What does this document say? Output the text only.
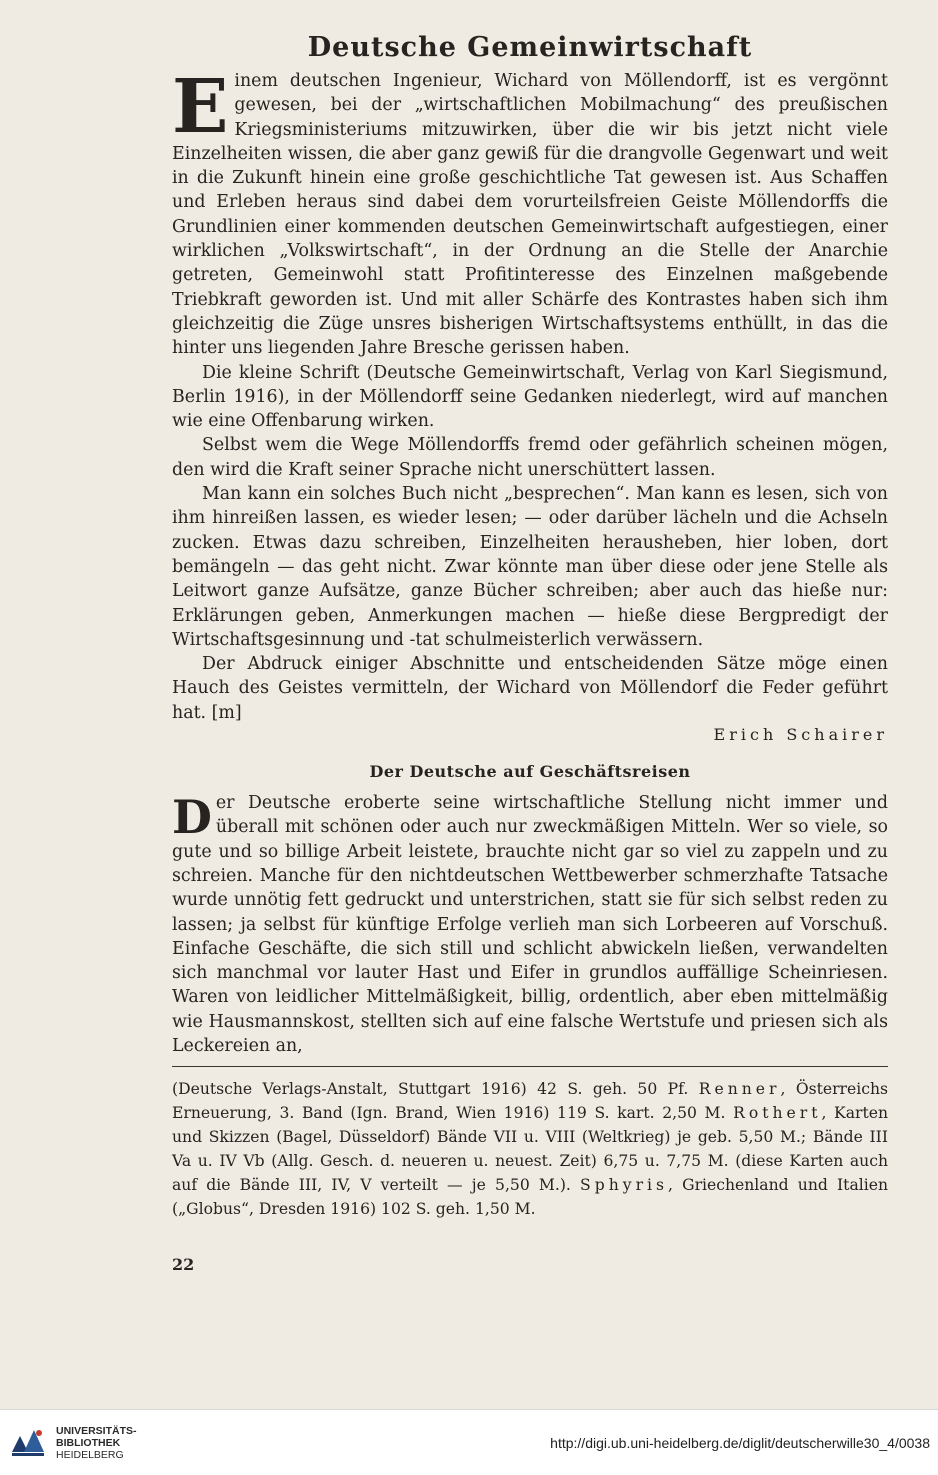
Deutsche Gemeinwirtschaft

Einem deutschen Ingenieur, Wichard von Möllendorff, ist es vergönnt gewesen, bei der „wirtschaftlichen Mobilmachung“ des preußischen Kriegsministeriums mitzuwirken, über die wir bis jetzt nicht viele Einzelheiten wissen, die aber ganz gewiß für die drangvolle Gegenwart und weit in die Zukunft hinein eine große geschichtliche Tat gewesen ist. Aus Schaffen und Erleben heraus sind dabei dem vorurteilsfreien Geiste Möllendorffs die Grundlinien einer kommenden deutschen Gemeinwirtschaft aufgestiegen, einer wirklichen „Volkswirtschaft“, in der Ordnung an die Stelle der Anarchie getreten, Gemeinwohl statt Profitinteresse des Einzelnen maßgebende Triebkraft geworden ist. Und mit aller Schärfe des Kontrastes haben sich ihm gleichzeitig die Züge unsres bisherigen Wirtschaftsystems enthüllt, in das die hinter uns liegenden Jahre Bresche gerissen haben.

Die kleine Schrift (Deutsche Gemeinwirtschaft, Verlag von Karl Siegismund, Berlin 1916), in der Möllendorff seine Gedanken niederlegt, wird auf manchen wie eine Offenbarung wirken.

Selbst wem die Wege Möllendorffs fremd oder gefährlich scheinen mögen, den wird die Kraft seiner Sprache nicht unerschüttert lassen.

Man kann ein solches Buch nicht „besprechen“. Man kann es lesen, sich von ihm hinreißen lassen, es wieder lesen; — oder darüber lächeln und die Achseln zucken. Etwas dazu schreiben, Einzelheiten herausheben, hier loben, dort bemängeln — das geht nicht. Zwar könnte man über diese oder jene Stelle als Leitwort ganze Aufsätze, ganze Bücher schreiben; aber auch das hieße nur: Erklärungen geben, Anmerkungen machen — hieße diese Bergpredigt der Wirtschaftsgesinnung und -tat schulmeisterlich verwässern.

Der Abdruck einiger Abschnitte und entscheidenden Sätze möge einen Hauch des Geistes vermitteln, der Wichard von Möllendorf die Feder geführt hat. [m]

Erich Schairer
Der Deutsche auf Geschäftsreisen

Der Deutsche eroberte seine wirtschaftliche Stellung nicht immer und überall mit schönen oder auch nur zweckmäßigen Mitteln. Wer so viele, so gute und so billige Arbeit leistete, brauchte nicht gar so viel zu zappeln und zu schreien. Manche für den nichtdeutschen Wettbewerber schmerzhafte Tatsache wurde unnötig fett gedruckt und unterstrichen, statt sie für sich selbst reden zu lassen; ja selbst für künftige Erfolge verlieh man sich Lorbeeren auf Vorschuß. Einfache Geschäfte, die sich still und schlicht abwickeln ließen, verwandelten sich manchmal vor lauter Hast und Eifer in grundlos auffällige Scheinriesen. Waren von leidlicher Mittelmäßigkeit, billig, ordentlich, aber eben mittelmäßig wie Hausmannskost, stellten sich auf eine falsche Wertstufe und priesen sich als Leckereien an,

(Deutsche Verlags-Anstalt, Stuttgart 1916) 42 S. geh. 50 Pf. Renner, Österreichs Erneuerung, 3. Band (Ign. Brand, Wien 1916) 119 S. kart. 2,50 M. Rothert, Karten und Skizzen (Bagel, Düsseldorf) Bände VII u. VIII (Weltkrieg) je geb. 5,50 M.; Bände III Va u. IV Vb (Allg. Gesch. d. neueren u. neuest. Zeit) 6,75 u. 7,75 M. (diese Karten auch auf die Bände III, IV, V verteilt — je 5,50 M.). Sphyris, Griechenland und Italien („Globus“, Dresden 1916) 102 S. geh. 1,50 M.

22
UNIVERSITÄTS-
BIBLIOTHEK
HEIDELBERG
http://digi.ub.uni-heidelberg.de/diglit/deutscherwille30_4/0038
